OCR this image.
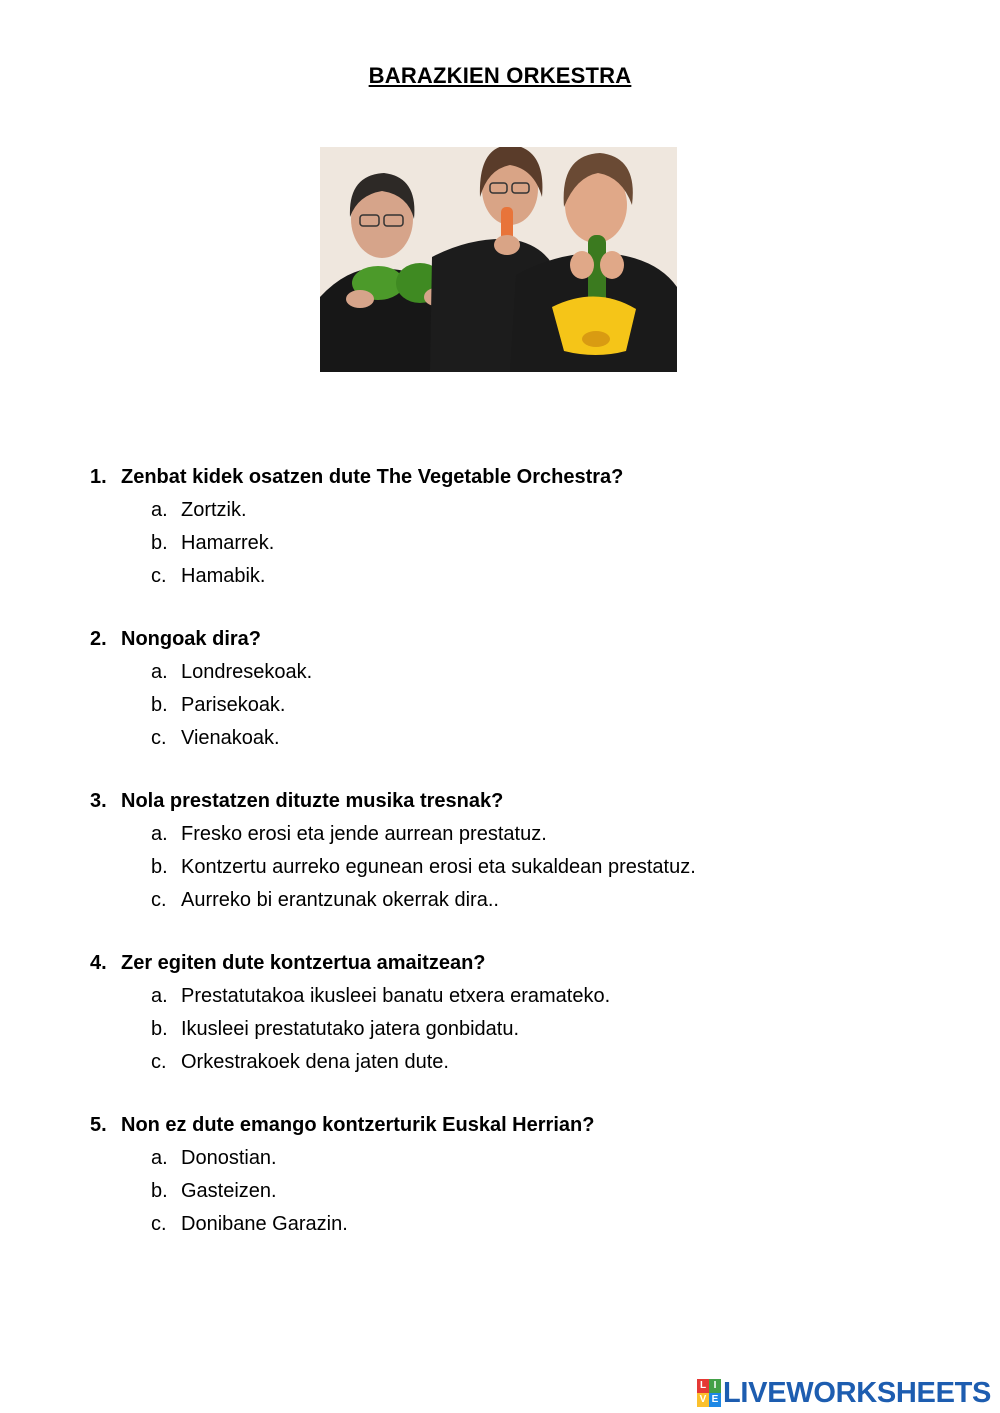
BARAZKIEN ORKESTRA
1. Zenbat kidek osatzen dute The Vegetable Orchestra?
a. Zortzik.
b. Hamarrek.
c. Hamabik.
2. Nongoak dira?
a. Londresekoak.
b. Parisekoak.
c. Vienakoak.
3. Nola prestatzen dituzte musika tresnak?
a. Fresko erosi eta jende aurrean prestatuz.
b. Kontzertu aurreko egunean erosi eta sukaldean prestatuz.
c. Aurreko bi erantzunak okerrak dira..
4. Zer egiten dute kontzertua amaitzean?
a. Prestatutakoa ikusleei banatu etxera eramateko.
b. Ikusleei prestatutako jatera gonbidatu.
c. Orkestrakoek dena jaten dute.
5. Non ez dute emango kontzerturik Euskal Herrian?
a. Donostian.
b. Gasteizen.
c. Donibane Garazin.
L I
V E LIVEWORKSHEETS
